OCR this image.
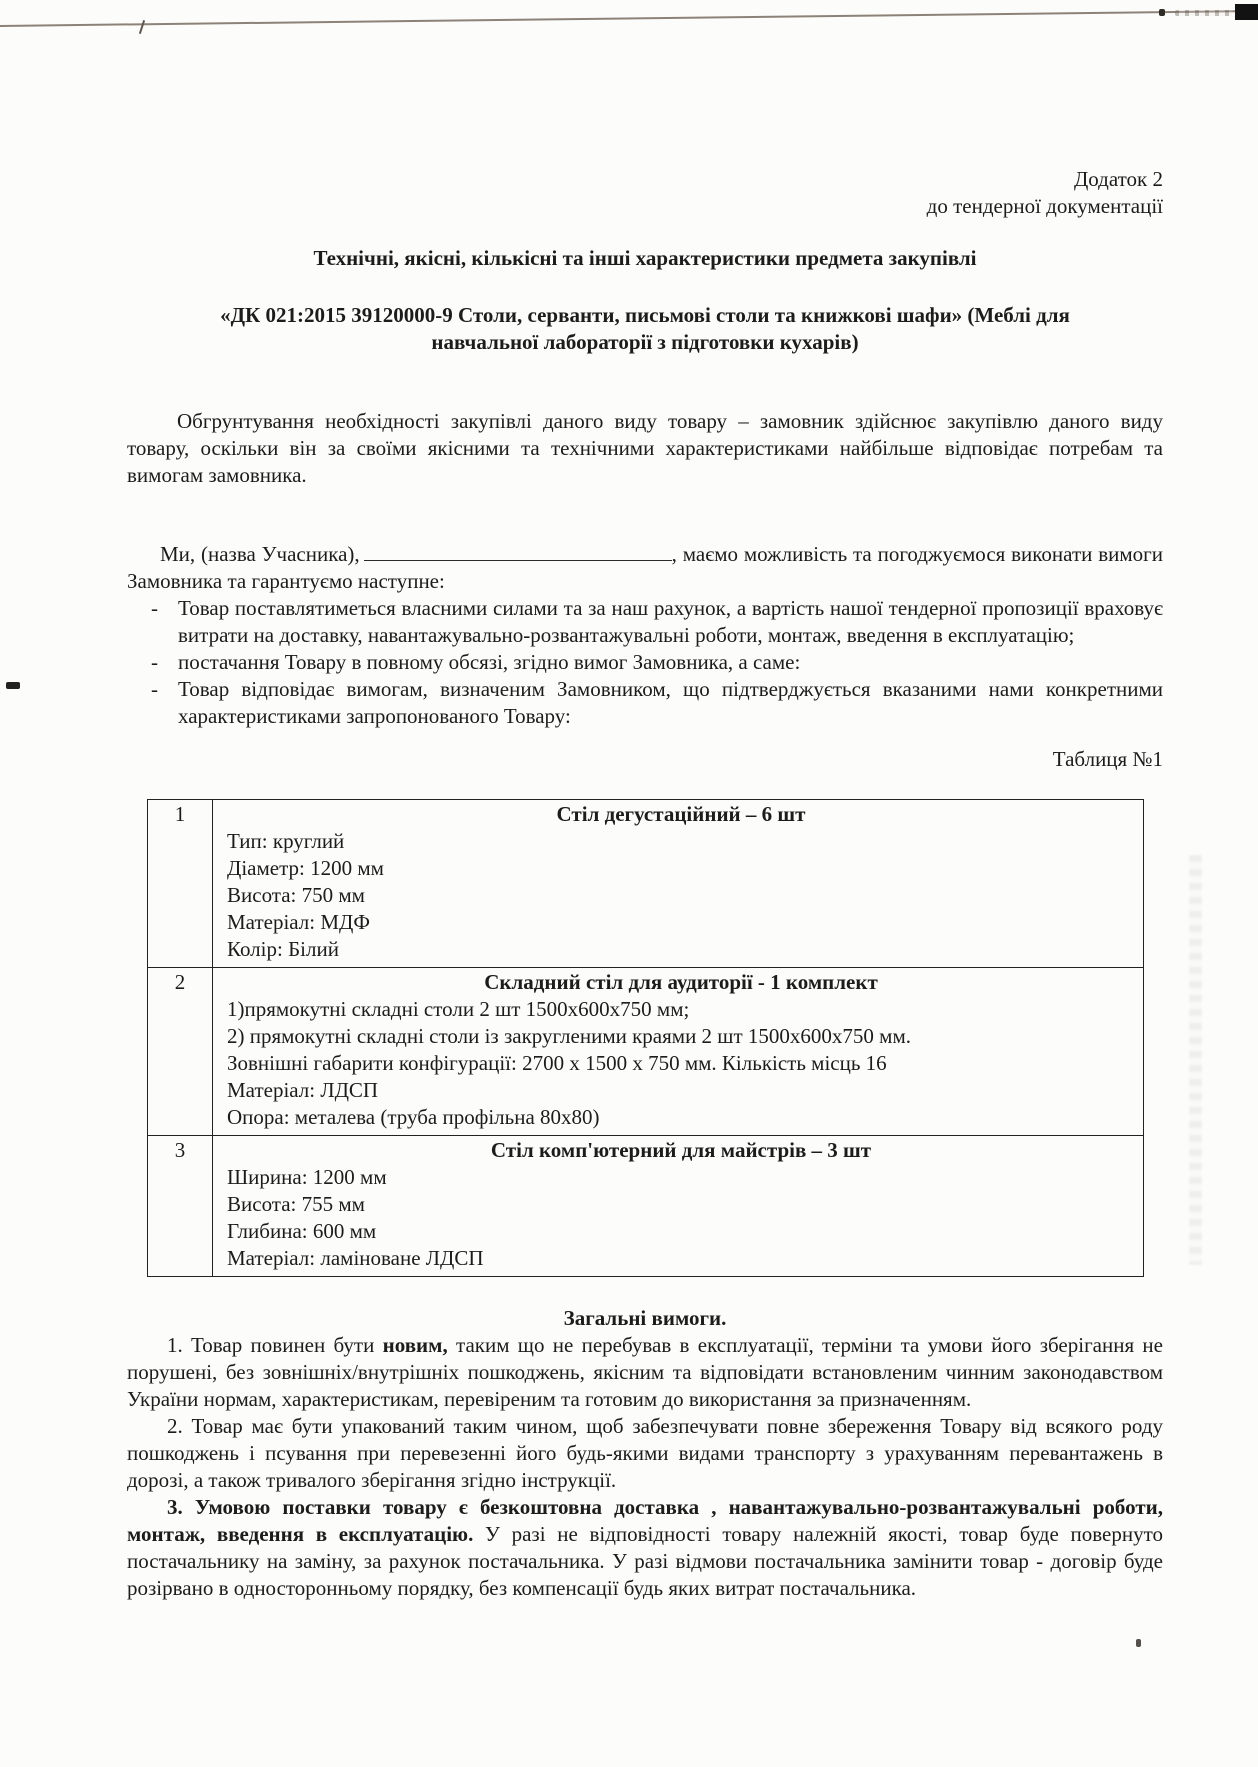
Додаток 2
до тендерної документації
Технічні, якісні, кількісні та інші характеристики предмета закупівлі
«ДК 021:2015 39120000-9 Столи, серванти, письмові столи та книжкові шафи» (Меблі для навчальної лабораторії з підготовки кухарів)

Обгрунтування необхідності закупівлі даного виду товару – замовник здійснює закупівлю даного виду товару, оскільки він за своїми якісними та технічними характеристиками найбільше відповідає потребам та вимогам замовника.

Ми, (назва Учасника),	, маємо можливість та погоджуємося виконати вимоги Замовника та гарантуємо наступне:

- Товар поставлятиметься власними силами та за наш рахунок, а вартість нашої тендерної пропозиції враховує витрати на доставку, навантажувально-розвантажувальні роботи, монтаж, введення в експлуатацію;
- постачання Товару в повному обсязі, згідно вимог Замовника, а саме:
- Товар відповідає вимогам, визначеним Замовником, що підтверджується вказаними нами конкретними характеристиками запропонованого Товару:
Таблиця №1
1	Стіл дегустаційний – 6 шт
Тип: круглий
Діаметр: 1200 мм
Висота: 750 мм
Матеріал: МДФ
Колір: Білий

2	Складний стіл для аудиторії - 1 комплект
1)прямокутні складні столи 2 шт 1500х600х750 мм;
2) прямокутні складні столи із закругленими краями 2 шт 1500х600х750 мм.
Зовнішні габарити конфігурації: 2700 х 1500 х 750 мм. Кількість місць 16
Матеріал: ЛДСП
Опора: металева (труба профільна 80х80)

3	Стіл комп'ютерний для майстрів – 3 шт
Ширина: 1200 мм
Висота: 755 мм
Глибина: 600 мм
Матеріал: ламіноване ЛДСП
Загальні вимоги.

1. Товар повинен бути новим, таким що не перебував в експлуатації, терміни та умови його зберігання не порушені, без зовнішніх/внутрішніх пошкоджень, якісним та відповідати встановленим чинним законодавством України нормам, характеристикам, перевіреним та готовим до використання за призначенням.

2. Товар має бути упакований таким чином, щоб забезпечувати повне збереження Товару від всякого роду пошкоджень і псування при перевезенні його будь-якими видами транспорту з урахуванням перевантажень в дорозі, а також тривалого зберігання згідно інструкції.

3. Умовою поставки товару є безкоштовна доставка , навантажувально-розвантажувальні роботи, монтаж, введення в експлуатацію. У разі не відповідності товару належній якості, товар буде повернуто постачальнику на заміну, за рахунок постачальника. У разі відмови постачальника замінити товар - договір буде розірвано в односторонньому порядку, без компенсації будь яких витрат постачальника.
